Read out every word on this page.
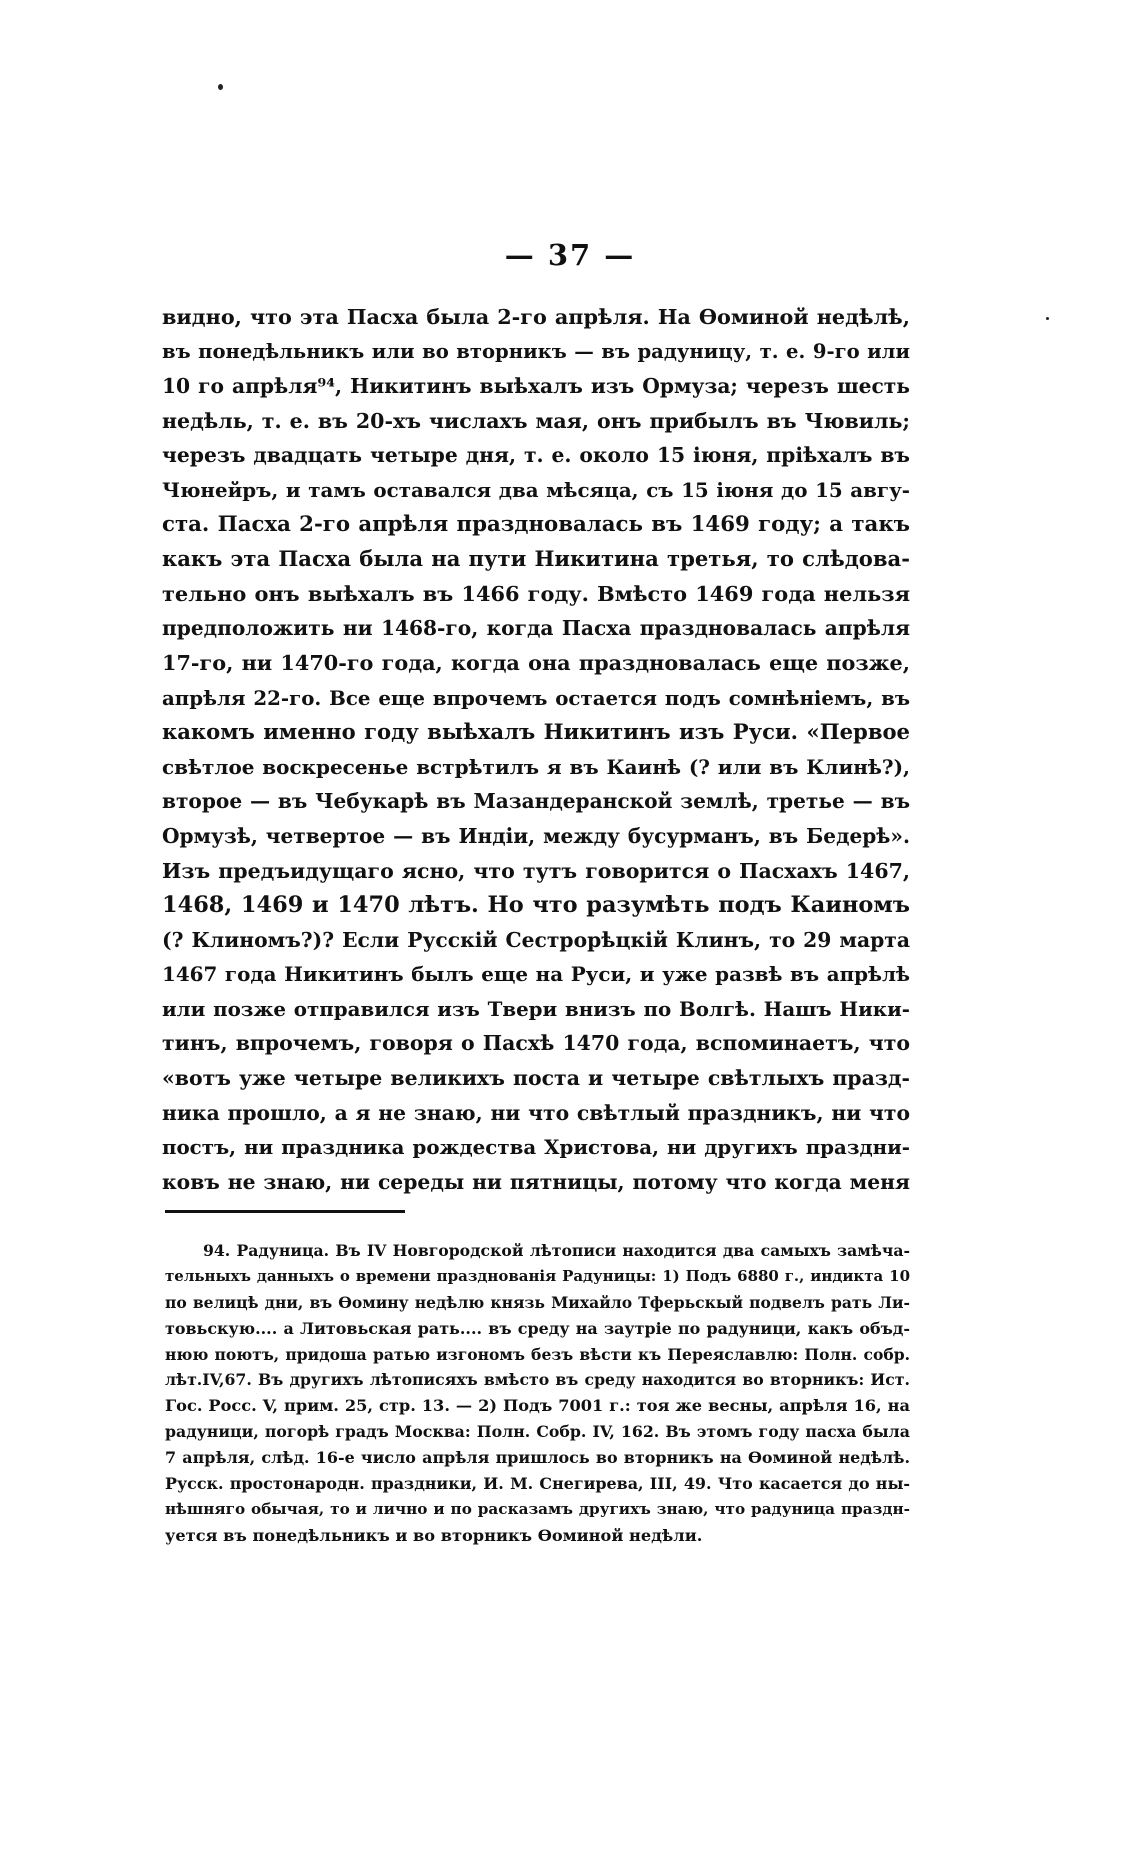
— 37 —
видно, что эта Пасха была 2-го апрѣля. На Ѳоминой недѣлѣ,
въ понедѣльникъ или во вторникъ — въ радуницу, т. е. 9-го или
10 го апрѣля⁹⁴, Никитинъ выѣхалъ изъ Ормуза; черезъ шесть
недѣль, т. е. въ 20-хъ числахъ мая, онъ прибылъ въ Чювиль;
черезъ двадцать четыре дня, т. е. около 15 іюня, пріѣхалъ въ
Чюнейръ, и тамъ оставался два мѣсяца, съ 15 іюня до 15 авгу-
ста. Пасха 2-го апрѣля праздновалась въ 1469 году; а такъ
какъ эта Пасха была на пути Никитина третья, то слѣдова-
тельно онъ выѣхалъ въ 1466 году. Вмѣсто 1469 года нельзя
предположить ни 1468-го, когда Пасха праздновалась апрѣля
17-го, ни 1470-го года, когда она праздновалась еще позже,
апрѣля 22-го. Все еще впрочемъ остается подъ сомнѣніемъ, въ
какомъ именно году выѣхалъ Никитинъ изъ Руси. «Первое
свѣтлое воскресенье встрѣтилъ я въ Каинѣ (? или въ Клинѣ?),
второе — въ Чебукарѣ въ Мазандеранской землѣ, третье — въ
Ормузѣ, четвертое — въ Индіи, между бусурманъ, въ Бедерѣ».
Изъ предъидущаго ясно, что тутъ говорится о Пасхахъ 1467,
1468, 1469 и 1470 лѣтъ. Но что разумѣть подъ Каиномъ
(? Клиномъ?)? Если Русскій Сестрорѣцкій Клинъ, то 29 марта
1467 года Никитинъ былъ еще на Руси, и уже развѣ въ апрѣлѣ
или позже отправился изъ Твери внизъ по Волгѣ. Нашъ Ники-
тинъ, впрочемъ, говоря о Пасхѣ 1470 года, вспоминаетъ, что
«вотъ уже четыре великихъ поста и четыре свѣтлыхъ празд-
ника прошло, а я не знаю, ни что свѣтлый праздникъ, ни что
постъ, ни праздника рождества Христова, ни другихъ праздни-
ковъ не знаю, ни середы ни пятницы, потому что когда меня
94. Радуница. Въ IV Новгородской лѣтописи находится два самыхъ замѣча-
тельныхъ данныхъ о времени празднованія Радуницы: 1) Подъ 6880 г., индикта 10
по велицѣ дни, въ Ѳомину недѣлю князь Михайло Тферьскый подвелъ рать Ли-
товьскую.... а Литовьская рать.... въ среду на заутріе по радуници, какъ объд-
нюю поютъ, придоша ратью изгономъ безъ вѣсти къ Переяславлю: Полн. собр.
лѣт.IV,67. Въ другихъ лѣтописяхъ вмѣсто въ среду находится во вторникъ: Ист.
Гос. Росс. V, прим. 25, стр. 13. — 2) Подъ 7001 г.: тоя же весны, апрѣля 16, на
радуници, погорѣ градъ Москва: Полн. Собр. IV, 162. Въ этомъ году пасха была
7 апрѣля, слѣд. 16-е число апрѣля пришлось во вторникъ на Ѳоминой недѣлѣ.
Русск. простонародн. праздники, И. М. Снегирева, III, 49. Что касается до ны-
нѣшняго обычая, то и лично и по расказамъ другихъ знаю, что радуница праздн-
уется въ понедѣльникъ и во вторникъ Ѳоминой недѣли.
